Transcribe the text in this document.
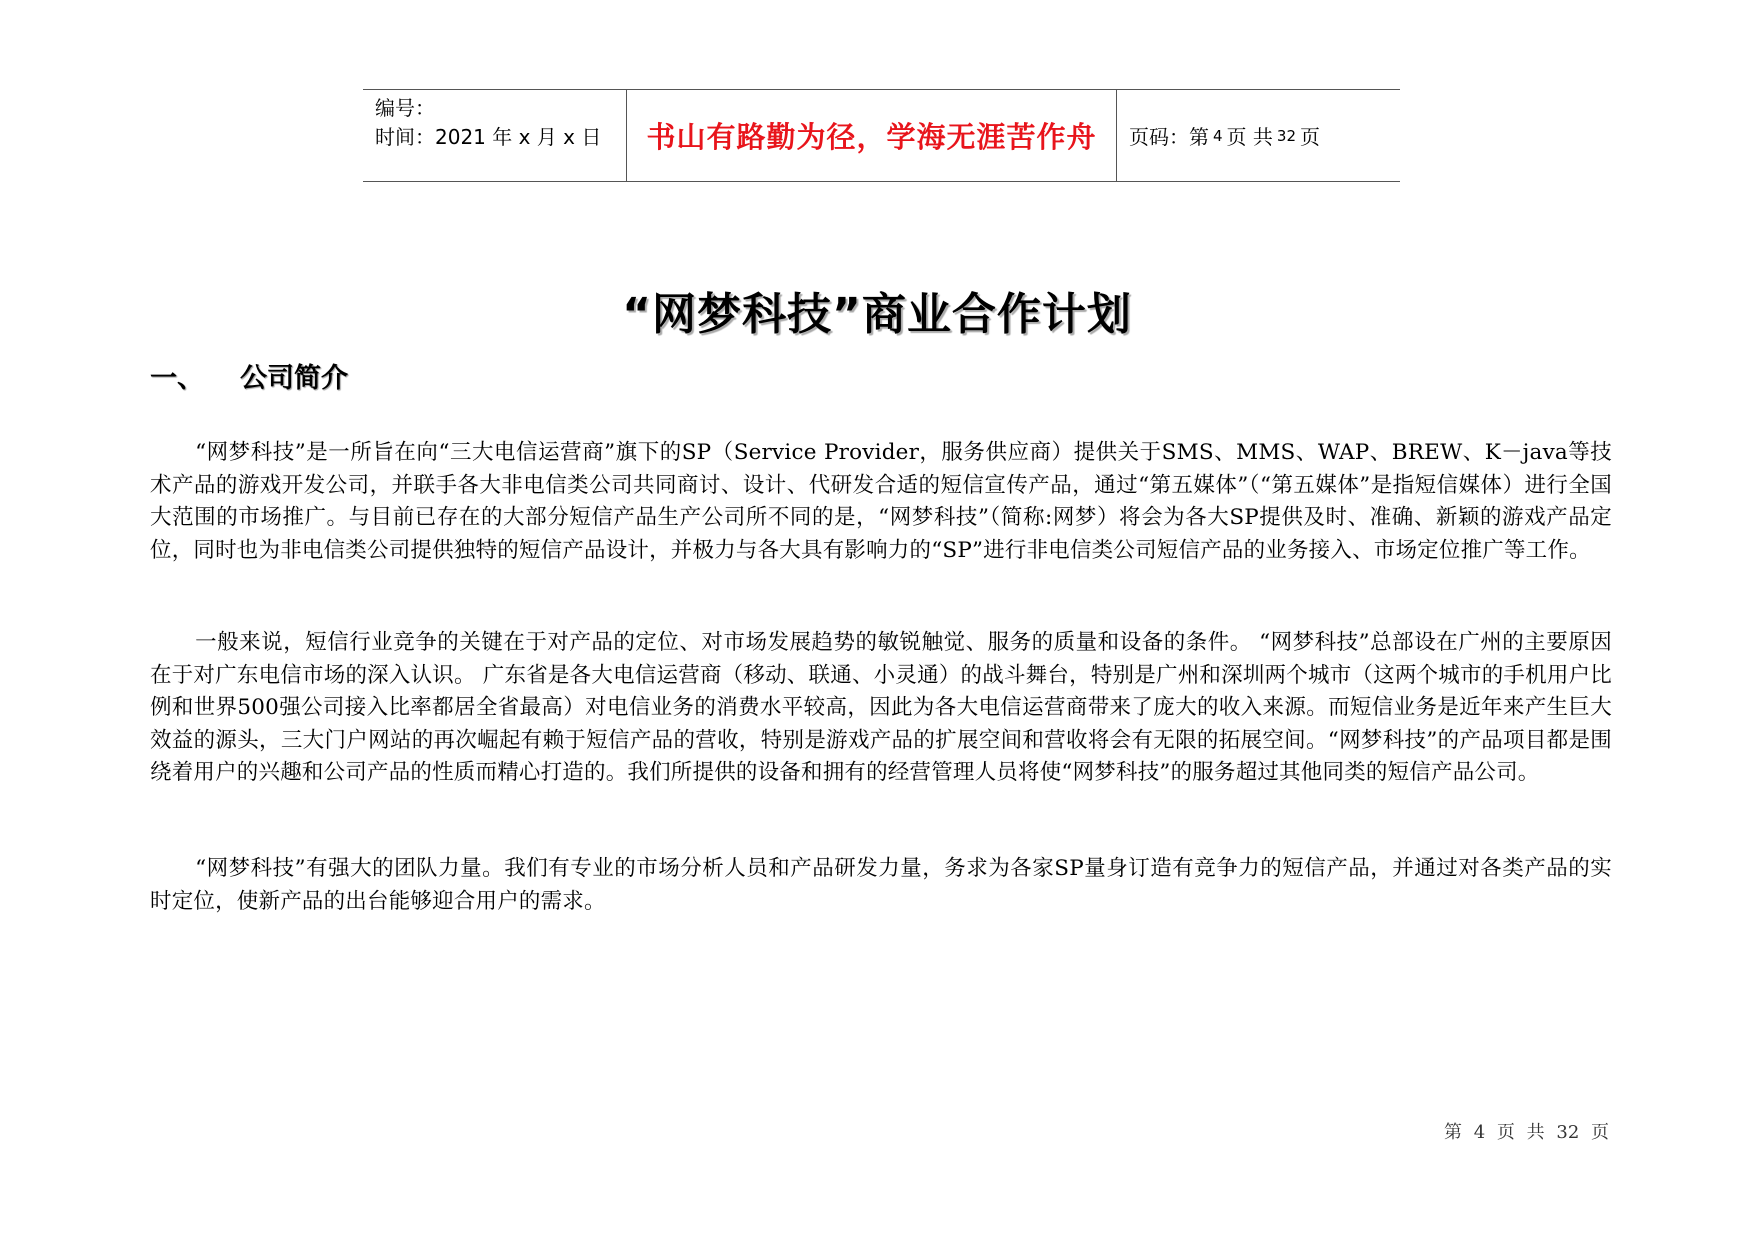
编号：
时间：2021 年 x 月 x 日	书山有路勤为径，学海无涯苦作舟	页码：第 4 页 共 32 页
“网梦科技”商业合作计划
一、	公司简介

“网梦科技”是一所旨在向“三大电信运营商”旗下的SP（Service Provider，服务供应商）提供关于SMS、MMS、WAP、BREW、K－java等技术产品的游戏开发公司，并联手各大非电信类公司共同商讨、设计、代研发合适的短信宣传产品，通过“第五媒体”（“第五媒体”是指短信媒体）进行全国大范围的市场推广。与目前已存在的大部分短信产品生产公司所不同的是，“网梦科技”（简称:网梦）将会为各大SP提供及时、准确、新颖的游戏产品定位，同时也为非电信类公司提供独特的短信产品设计，并极力与各大具有影响力的“SP”进行非电信类公司短信产品的业务接入、市场定位推广等工作。

一般来说，短信行业竞争的关键在于对产品的定位、对市场发展趋势的敏锐触觉、服务的质量和设备的条件。 “网梦科技”总部设在广州的主要原因在于对广东电信市场的深入认识。 广东省是各大电信运营商（移动、联通、小灵通）的战斗舞台，特别是广州和深圳两个城市（这两个城市的手机用户比例和世界500强公司接入比率都居全省最高）对电信业务的消费水平较高，因此为各大电信运营商带来了庞大的收入来源。而短信业务是近年来产生巨大效益的源头，三大门户网站的再次崛起有赖于短信产品的营收，特别是游戏产品的扩展空间和营收将会有无限的拓展空间。“网梦科技”的产品项目都是围绕着用户的兴趣和公司产品的性质而精心打造的。我们所提供的设备和拥有的经营管理人员将使“网梦科技”的服务超过其他同类的短信产品公司。

“网梦科技”有强大的团队力量。我们有专业的市场分析人员和产品研发力量，务求为各家SP量身订造有竞争力的短信产品，并通过对各类产品的实时定位，使新产品的出台能够迎合用户的需求。

第 4 页 共 32 页
